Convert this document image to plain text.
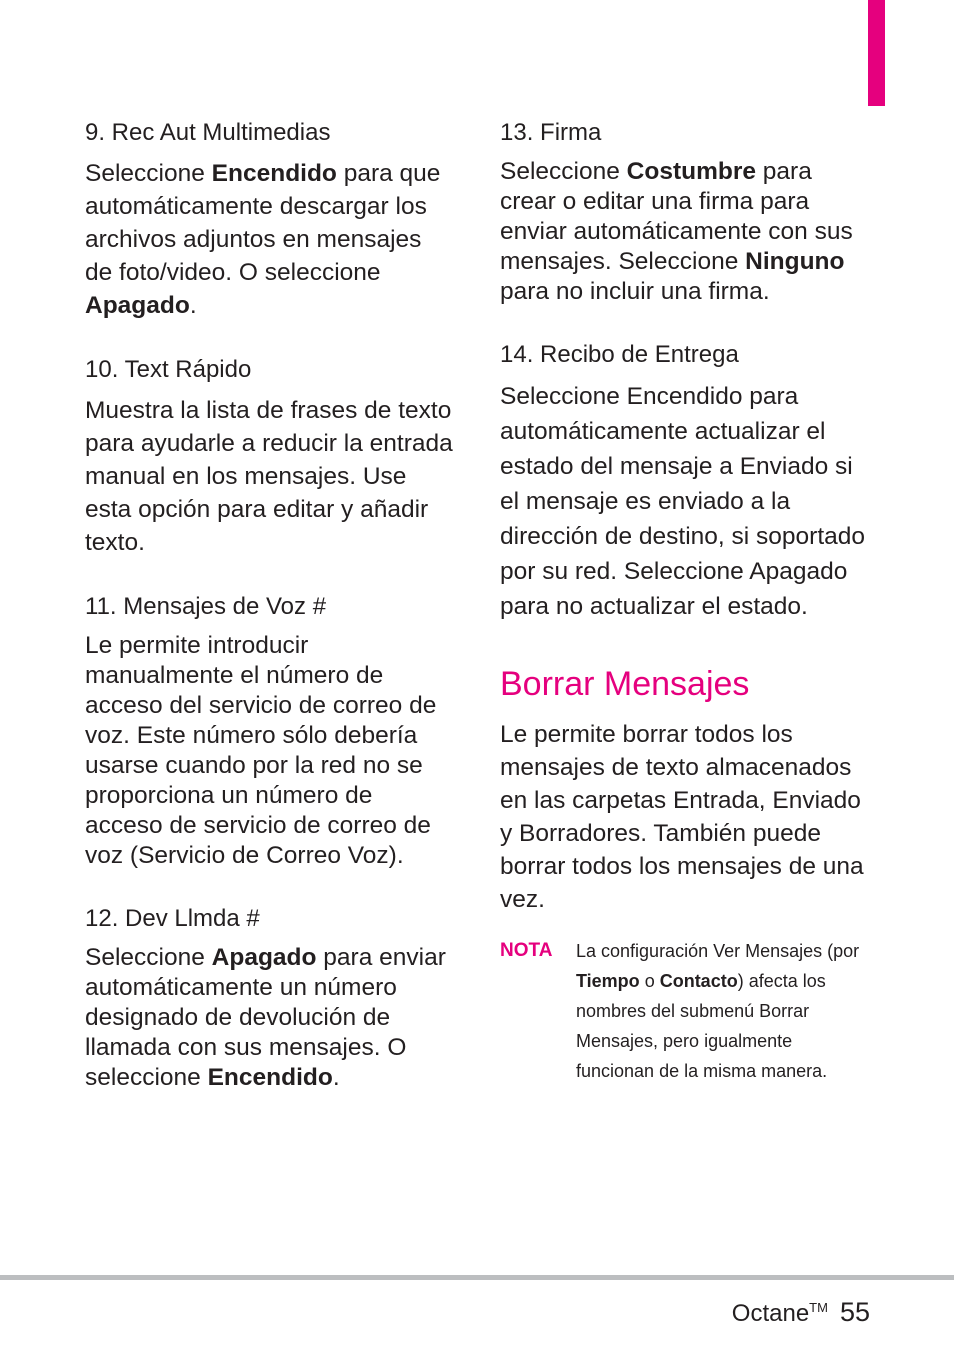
9. Rec Aut Multimedias

Seleccione Encendido para que automáticamente descargar los archivos adjuntos en mensajes de foto/video. O seleccione Apagado.

10. Text Rápido

Muestra la lista de frases de texto para ayudarle a reducir la entrada manual en los mensajes. Use esta opción para editar y añadir texto.

11. Mensajes de Voz #

Le permite introducir manualmente el número de acceso del servicio de correo de voz. Este número sólo debería usarse cuando por la red no se proporciona un número de acceso de servicio de correo de voz (Servicio de Correo Voz).

12. Dev Llmda #

Seleccione Apagado para enviar automáticamente un número designado de devolución de llamada con sus mensajes. O seleccione Encendido.

13. Firma

Seleccione Costumbre para crear o editar una firma para enviar automáticamente con sus mensajes. Seleccione Ninguno para no incluir una firma.

14. Recibo de Entrega

Seleccione Encendido para automáticamente actualizar el estado del mensaje a Enviado si el mensaje es enviado a la dirección de destino, si soportado por su red. Seleccione Apagado para no actualizar el estado.

Borrar Mensajes

Le permite borrar todos los mensajes de texto almacenados en las carpetas Entrada, Enviado y Borradores. También puede borrar todos los mensajes de una vez.

NOTA	La configuración Ver Mensajes (por Tiempo o Contacto) afecta los nombres del submenú Borrar Mensajes, pero igualmente funcionan de la misma manera.
Octane™ 55
